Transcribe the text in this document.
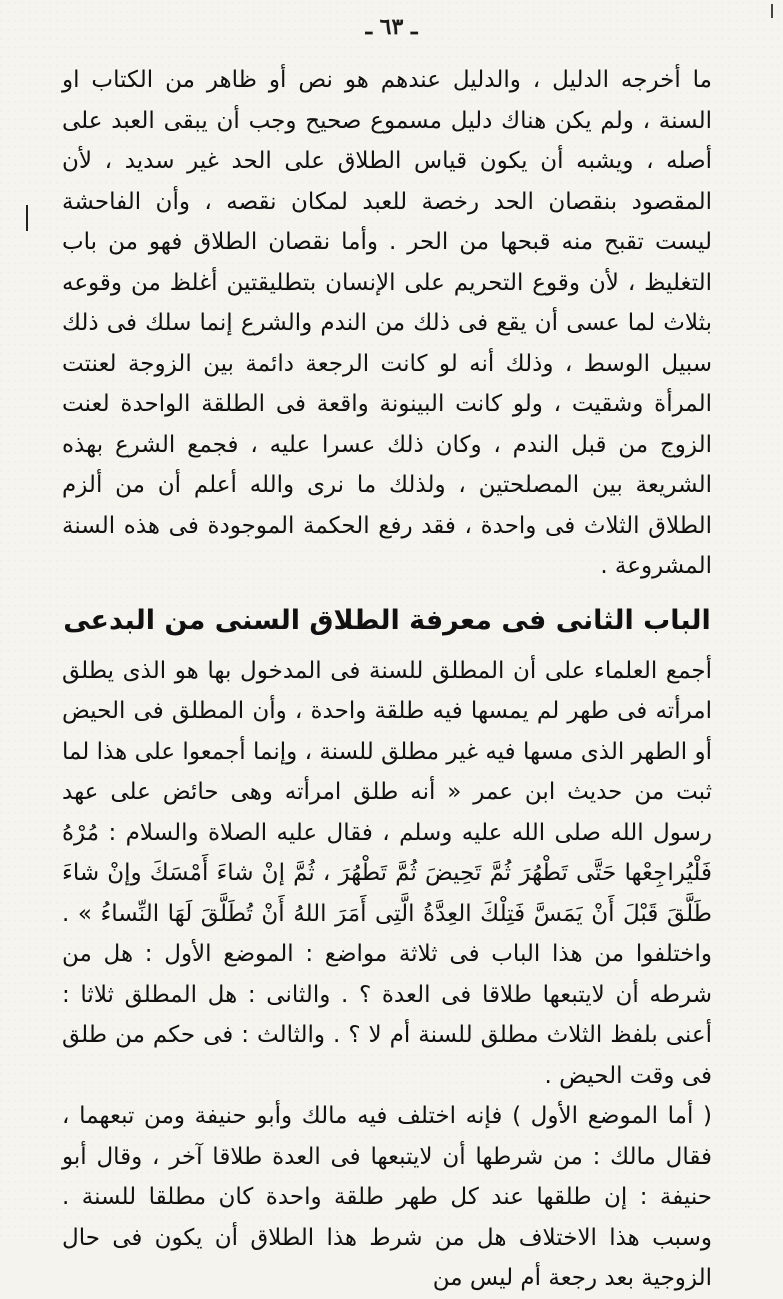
ـ ٦٣ ـ

ما أخرجه الدليل ، والدليل عندهم هو نص أو ظاهر من الكتاب او السنة ، ولم يكن هناك دليل مسموع صحيح وجب أن يبقى العبد على أصله ، ويشبه أن يكون قياس الطلاق على الحد غير سديد ، لأن المقصود بنقصان الحد رخصة للعبد لمكان نقصه ، وأن الفاحشة ليست تقبح منه قبحها من الحر . وأما نقصان الطلاق فهو من باب التغليظ ، لأن وقوع التحريم على الإنسان بتطليقتين أغلظ من وقوعه بثلاث لما عسى أن يقع فى ذلك من الندم والشرع إنما سلك فى ذلك سبيل الوسط ، وذلك أنه لو كانت الرجعة دائمة بين الزوجة لعنتت المرأة وشقيت ، ولو كانت البينونة واقعة فى الطلقة الواحدة لعنت الزوج من قبل الندم ، وكان ذلك عسرا عليه ، فجمع الشرع بهذه الشريعة بين المصلحتين ، ولذلك ما نرى والله أعلم أن من ألزم الطلاق الثلاث فى واحدة ، فقد رفع الحكمة الموجودة فى هذه السنة المشروعة .

الباب الثانى فى معرفة الطلاق السنى من البدعى

أجمع العلماء على أن المطلق للسنة فى المدخول بها هو الذى يطلق امرأته فى طهر لم يمسها فيه طلقة واحدة ، وأن المطلق فى الحيض أو الطهر الذى مسها فيه غير مطلق للسنة ، وإنما أجمعوا على هذا لما ثبت من حديث ابن عمر « أنه طلق امرأته وهى حائض على عهد رسول الله صلى الله عليه وسلم ، فقال عليه الصلاة والسلام : مُرْهُ فَلْيُراجِعْها حَتَّى تَطْهُرَ ثُمَّ تَحِيضَ ثُمَّ تَطْهُرَ ، ثُمَّ إنْ شاءَ أَمْسَكَ وإنْ شاءَ طَلَّقَ قَبْلَ أَنْ يَمَسَّ فَتِلْكَ العِدَّةُ الَّتِى أَمَرَ اللهُ أَنْ تُطَلَّقَ لَهَا النِّساءُ » . واختلفوا من هذا الباب فى ثلاثة مواضع : الموضع الأول : هل من شرطه أن لايتبعها طلاقا فى العدة ؟ . والثانى : هل المطلق ثلاثا : أعنى بلفظ الثلاث مطلق للسنة أم لا ؟ . والثالث : فى حكم من طلق فى وقت الحيض .

( أما الموضع الأول ) فإنه اختلف فيه مالك وأبو حنيفة ومن تبعهما ، فقال مالك : من شرطها أن لايتبعها فى العدة طلاقا آخر ، وقال أبو حنيفة : إن طلقها عند كل طهر طلقة واحدة كان مطلقا للسنة . وسبب هذا الاختلاف هل من شرط هذا الطلاق أن يكون فى حال الزوجية بعد رجعة أم ليس من
